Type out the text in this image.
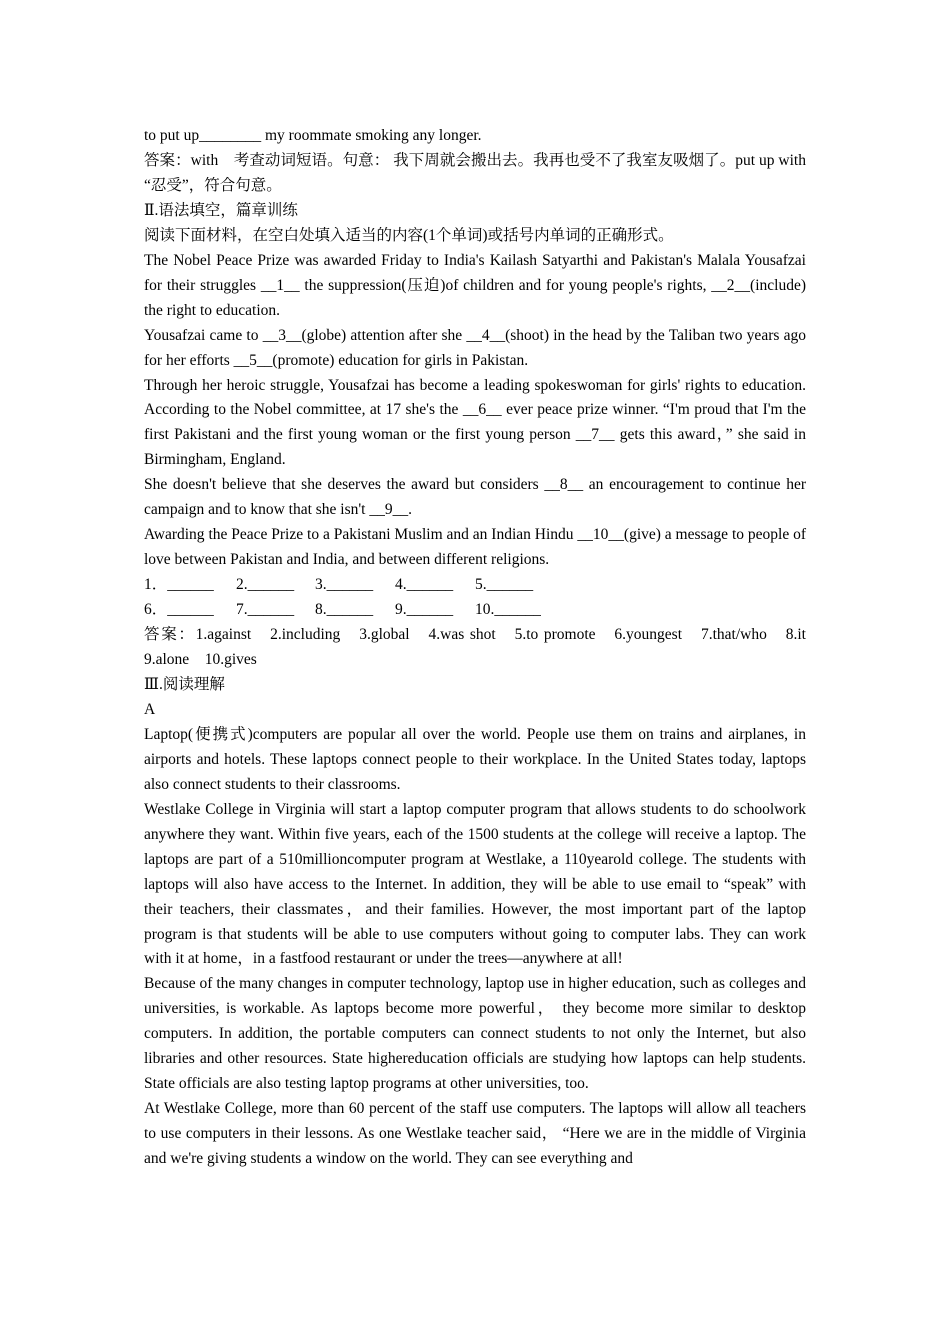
to put up________ my roommate smoking any longer.

答案：with　考查动词短语。句意： 我下周就会搬出去。我再也受不了我室友吸烟了。put up with “忍受”，符合句意。

Ⅱ.语法填空，篇章训练

阅读下面材料，在空白处填入适当的内容(1个单词)或括号内单词的正确形式。

The Nobel Peace Prize was awarded Friday to India's Kailash Satyarthi and Pakistan's Malala Yousafzai for their struggles __1__ the suppression(压迫)of children and for young people's rights, __2__(include) the right to education.

Yousafzai came to __3__(globe) attention after she __4__(shoot) in the head by the Taliban two years ago for her efforts __5__(promote) education for girls in Pakistan.

Through her heroic struggle, Yousafzai has become a leading spokeswoman for girls' rights to education. According to the Nobel committee, at 17 she's the __6__ ever peace prize winner. “I'm proud that I'm the first Pakistani and the first young woman or the first young person __7__ gets this award，” she said in Birmingham, England.

She doesn't believe that she deserves the award but considers __8__ an encouragement to continue her campaign and to know that she isn't __9__.

Awarding the Peace Prize to a Pakistani Muslim and an Indian Hindu __10__(give) a message to people of love between Pakistan and India, and between different religions.

1．______ 2.______ 3.______ 4.______ 5.______
6．______ 7.______ 8.______ 9.______ 10.______

答案：1.against　2.including　3.global　4.was shot　5.to promote　6.youngest　7.that/who　8.it　9.alone　10.gives

Ⅲ.阅读理解

A

Laptop(便携式)computers are popular all over the world. People use them on trains and airplanes, in airports and hotels. These laptops connect people to their workplace. In the United States today, laptops also connect students to their classrooms.

Westlake College in Virginia will start a laptop computer program that allows students to do schoolwork anywhere they want. Within five years, each of the 1500 students at the college will receive a laptop. The laptops are part of a 510millioncomputer program at Westlake, a 110yearold college. The students with laptops will also have access to the Internet. In addition, they will be able to use email to “speak” with their teachers, their classmates，and their families. However, the most important part of the laptop program is that students will be able to use computers without going to computer labs. They can work with it at home，in a fastfood restaurant or under the trees—anywhere at all!

Because of the many changes in computer technology, laptop use in higher education, such as colleges and universities, is workable. As laptops become more powerful， they become more similar to desktop computers. In addition, the portable computers can connect students to not only the Internet, but also libraries and other resources. State highereducation officials are studying how laptops can help students. State officials are also testing laptop programs at other universities, too.

At Westlake College, more than 60 percent of the staff use computers. The laptops will allow all teachers to use computers in their lessons. As one Westlake teacher said， “Here we are in the middle of Virginia and we're giving students a window on the world. They can see everything and
